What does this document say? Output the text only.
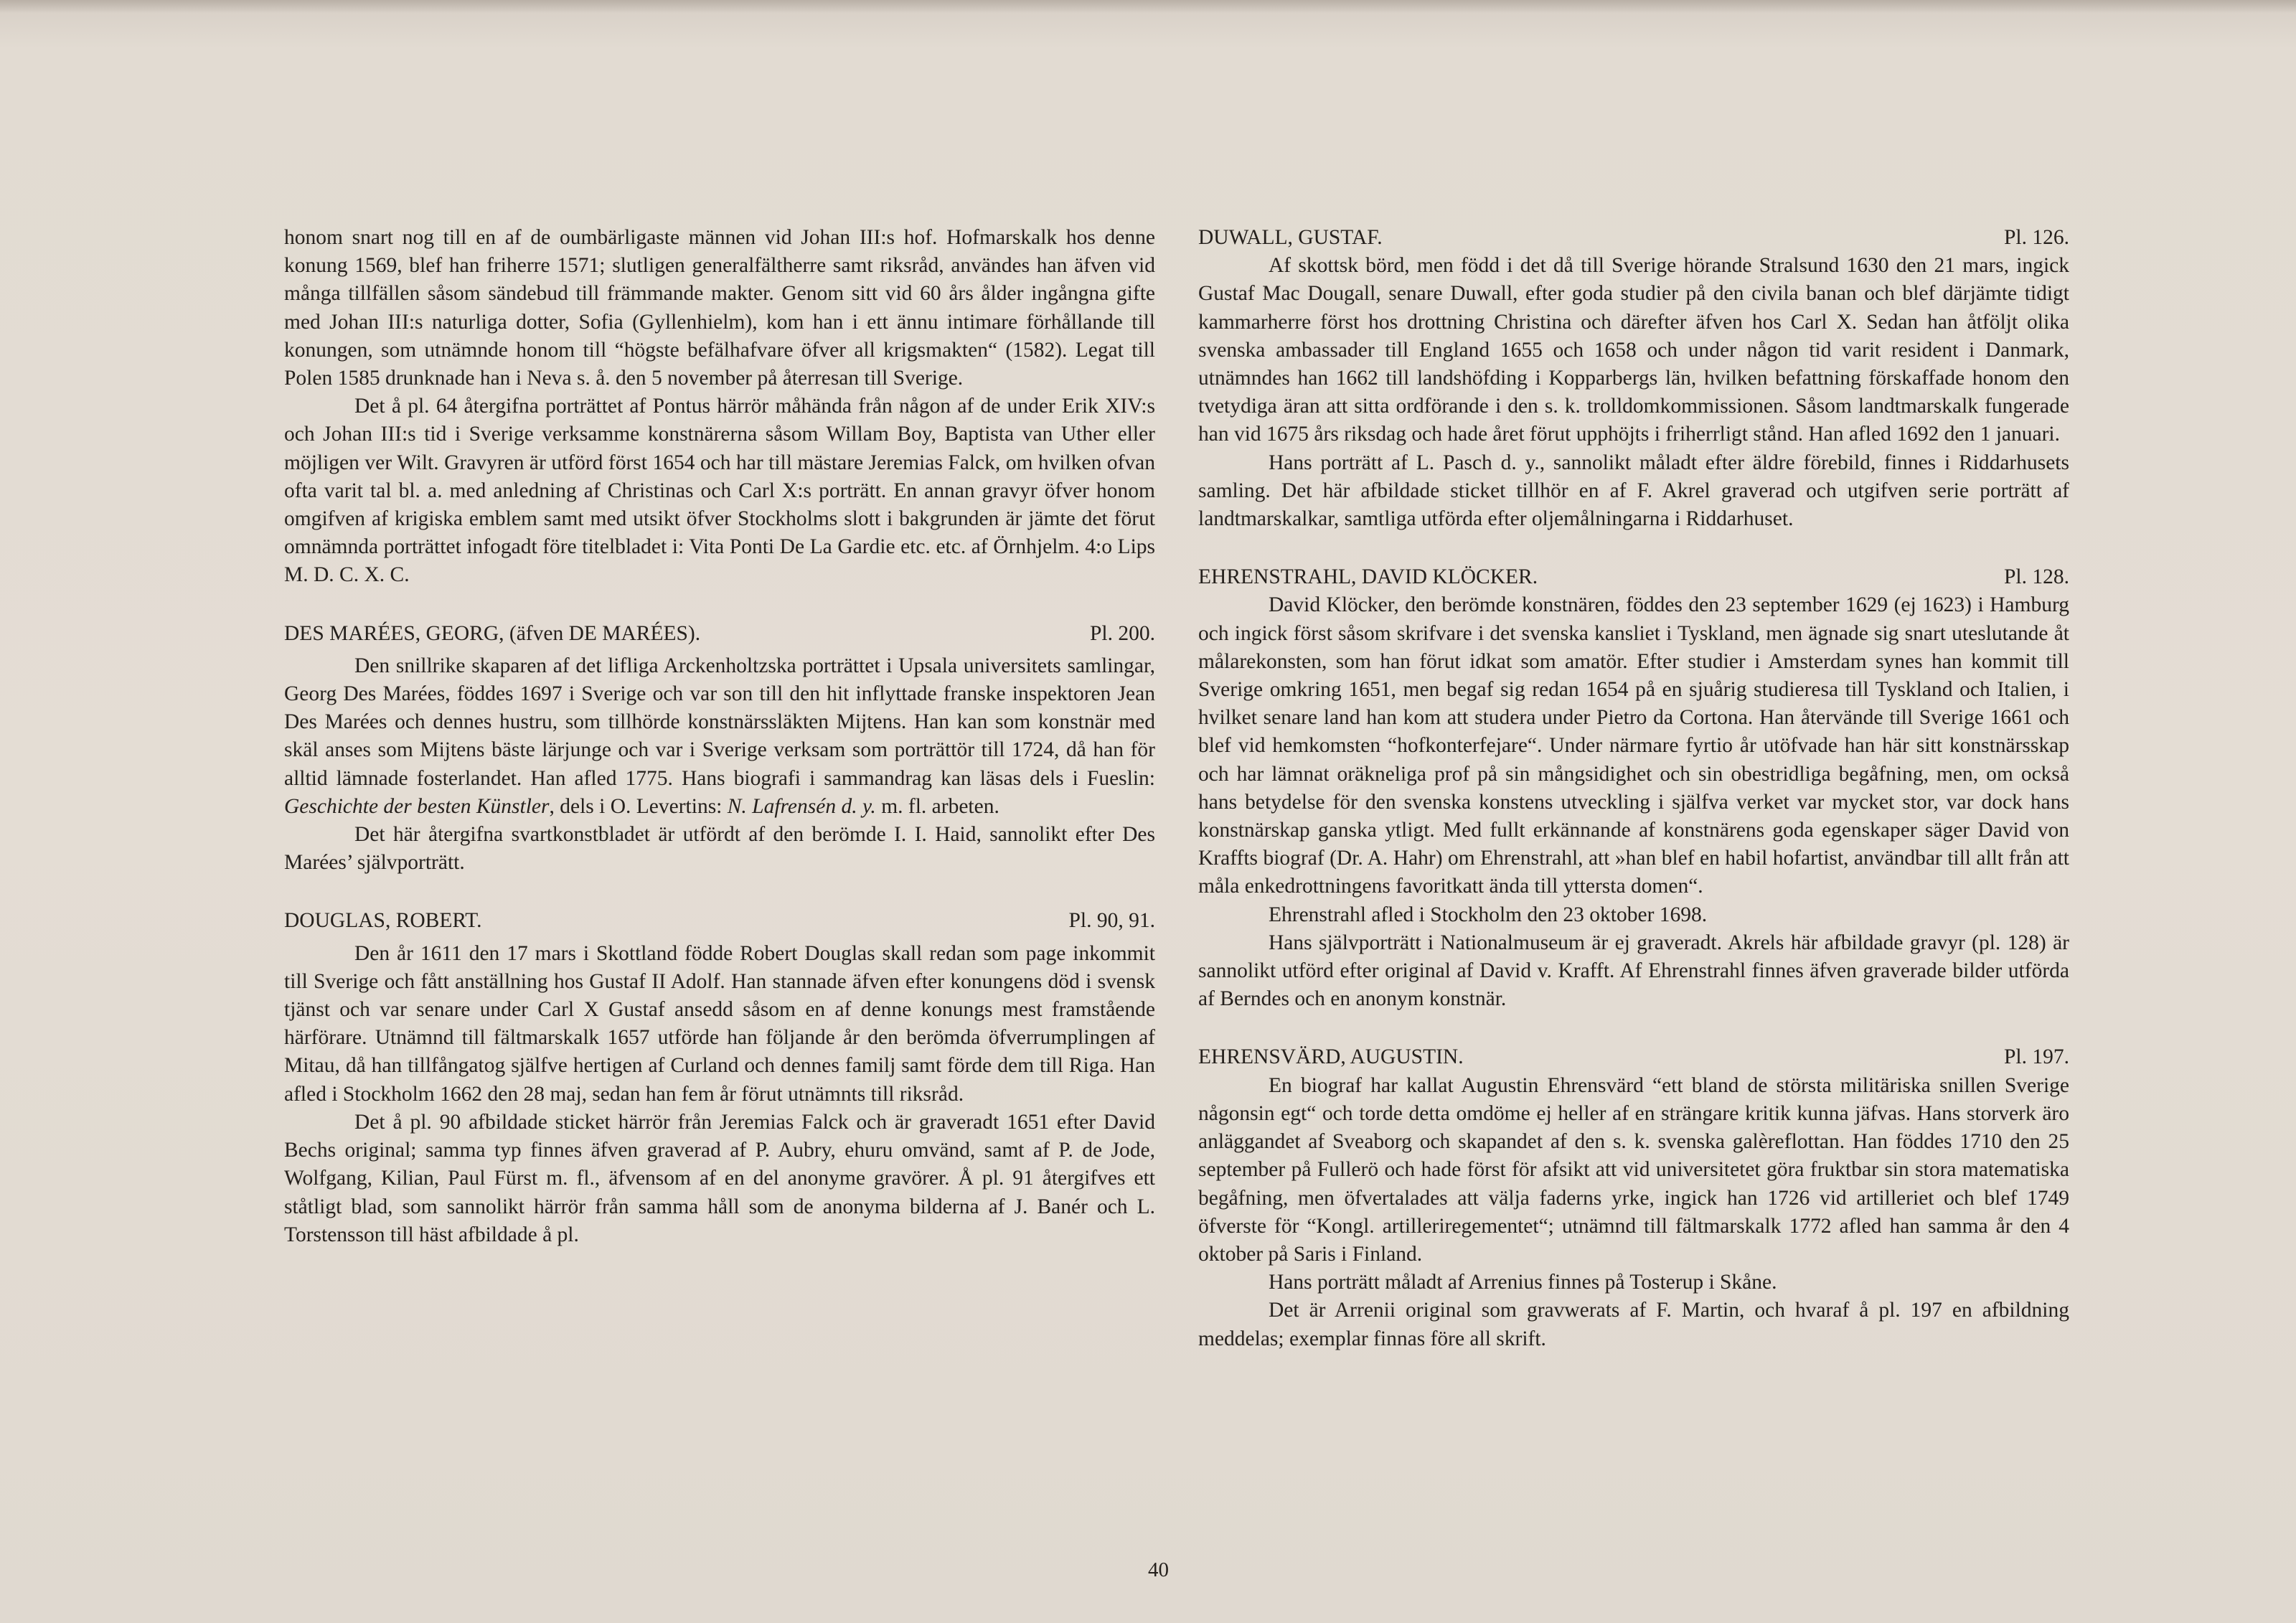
honom snart nog till en af de oumbärligaste männen vid Johan III:s hof. Hofmarskalk hos denne konung 1569, blef han friherre 1571; slutligen generalfältherre samt riksråd, användes han äfven vid många tillfällen såsom sändebud till främmande makter. Genom sitt vid 60 års ålder ingångna gifte med Johan III:s naturliga dotter, Sofia (Gyllenhielm), kom han i ett ännu intimare förhållande till konungen, som utnämnde honom till “högste befälhafvare öfver all krigsmakten“ (1582). Legat till Polen 1585 drunknade han i Neva s. å. den 5 november på återresan till Sverige.

Det å pl. 64 återgifna porträttet af Pontus härrör måhända från någon af de under Erik XIV:s och Johan III:s tid i Sverige verksamme konstnärerna såsom Willam Boy, Baptista van Uther eller möjligen ver Wilt. Gravyren är utförd först 1654 och har till mästare Jeremias Falck, om hvilken ofvan ofta varit tal bl. a. med anledning af Christinas och Carl X:s porträtt. En annan gravyr öfver honom omgifven af krigiska emblem samt med utsikt öfver Stockholms slott i bakgrunden är jämte det förut omnämnda porträttet infogadt före titelbladet i: Vita Ponti De La Gardie etc. etc. af Örnhjelm. 4:o Lips M. D. C. X. C.

DES MARÉES, GEORG, (äfven DE MARÉES).	Pl. 200.

Den snillrike skaparen af det lifliga Arckenholtzska porträttet i Upsala universitets samlingar, Georg Des Marées, föddes 1697 i Sverige och var son till den hit inflyttade franske inspektoren Jean Des Marées och dennes hustru, som tillhörde konstnärssläkten Mijtens. Han kan som konstnär med skäl anses som Mijtens bäste lärjunge och var i Sverige verksam som porträttör till 1724, då han för alltid lämnade fosterlandet. Han afled 1775. Hans biografi i sammandrag kan läsas dels i Fueslin: Geschichte der besten Künstler, dels i O. Levertins: N. Lafrensén d. y. m. fl. arbeten.

Det här återgifna svartkonstbladet är utfördt af den berömde I. I. Haid, sannolikt efter Des Marées’ självporträtt.

DOUGLAS, ROBERT.	Pl. 90, 91.

Den år 1611 den 17 mars i Skottland födde Robert Douglas skall redan som page inkommit till Sverige och fått anställning hos Gustaf II Adolf. Han stannade äfven efter konungens död i svensk tjänst och var senare under Carl X Gustaf ansedd såsom en af denne konungs mest framstående härförare. Utnämnd till fältmarskalk 1657 utförde han följande år den berömda öfverrumplingen af Mitau, då han tillfångatog själfve hertigen af Curland och dennes familj samt förde dem till Riga. Han afled i Stockholm 1662 den 28 maj, sedan han fem år förut utnämnts till riksråd.

Det å pl. 90 afbildade sticket härrör från Jeremias Falck och är graveradt 1651 efter David Bechs original; samma typ finnes äfven graverad af P. Aubry, ehuru omvänd, samt af P. de Jode, Wolfgang, Kilian, Paul Fürst m. fl., äfvensom af en del anonyme gravörer. Å pl. 91 återgifves ett ståtligt blad, som sannolikt härrör från samma håll som de anonyma bilderna af J. Banér och L. Torstensson till häst afbildade å pl.

DUWALL, GUSTAF.	Pl. 126.

Af skottsk börd, men född i det då till Sverige hörande Stralsund 1630 den 21 mars, ingick Gustaf Mac Dougall, senare Duwall, efter goda studier på den civila banan och blef därjämte tidigt kammarherre först hos drottning Christina och därefter äfven hos Carl X. Sedan han åtföljt olika svenska ambassader till England 1655 och 1658 och under någon tid varit resident i Danmark, utnämndes han 1662 till landshöfding i Kopparbergs län, hvilken befattning förskaffade honom den tvetydiga äran att sitta ordförande i den s. k. trolldomkommissionen. Såsom landtmarskalk fungerade han vid 1675 års riksdag och hade året förut upphöjts i friherrligt stånd. Han afled 1692 den 1 januari.

Hans porträtt af L. Pasch d. y., sannolikt måladt efter äldre förebild, finnes i Riddarhusets samling. Det här afbildade sticket tillhör en af F. Akrel graverad och utgifven serie porträtt af landtmarskalkar, samtliga utförda efter oljemålningarna i Riddarhuset.

EHRENSTRAHL, DAVID KLÖCKER.	Pl. 128.

David Klöcker, den berömde konstnären, föddes den 23 september 1629 (ej 1623) i Hamburg och ingick först såsom skrifvare i det svenska kansliet i Tyskland, men ägnade sig snart uteslutande åt målarekonsten, som han förut idkat som amatör. Efter studier i Amsterdam synes han kommit till Sverige omkring 1651, men begaf sig redan 1654 på en sjuårig studieresa till Tyskland och Italien, i hvilket senare land han kom att studera under Pietro da Cortona. Han återvände till Sverige 1661 och blef vid hemkomsten “hofkonterfejare“. Under närmare fyrtio år utöfvade han här sitt konstnärsskap och har lämnat oräkneliga prof på sin mångsidighet och sin obestridliga begåfning, men, om också hans betydelse för den svenska konstens utveckling i själfva verket var mycket stor, var dock hans konstnärskap ganska ytligt. Med fullt erkännande af konstnärens goda egenskaper säger David von Kraffts biograf (Dr. A. Hahr) om Ehrenstrahl, att »han blef en habil hofartist, användbar till allt från att måla enkedrottningens favoritkatt ända till yttersta domen“.

Ehrenstrahl afled i Stockholm den 23 oktober 1698.

Hans självporträtt i Nationalmuseum är ej graveradt. Akrels här afbildade gravyr (pl. 128) är sannolikt utförd efter original af David v. Krafft. Af Ehrenstrahl finnes äfven graverade bilder utförda af Berndes och en anonym konstnär.

EHRENSVÄRD, AUGUSTIN.	Pl. 197.

En biograf har kallat Augustin Ehrensvärd “ett bland de största militäriska snillen Sverige någonsin egt“ och torde detta omdöme ej heller af en strängare kritik kunna jäfvas. Hans storverk äro anläggandet af Sveaborg och skapandet af den s. k. svenska galèreflottan. Han föddes 1710 den 25 september på Fullerö och hade först för afsikt att vid universitetet göra fruktbar sin stora matematiska begåfning, men öfvertalades att välja faderns yrke, ingick han 1726 vid artilleriet och blef 1749 öfverste för “Kongl. artilleriregementet“; utnämnd till fältmarskalk 1772 afled han samma år den 4 oktober på Saris i Finland.

Hans porträtt måladt af Arrenius finnes på Tosterup i Skåne.

Det är Arrenii original som gravwerats af F. Martin, och hvaraf å pl. 197 en afbildning meddelas; exemplar finnas före all skrift.

40
